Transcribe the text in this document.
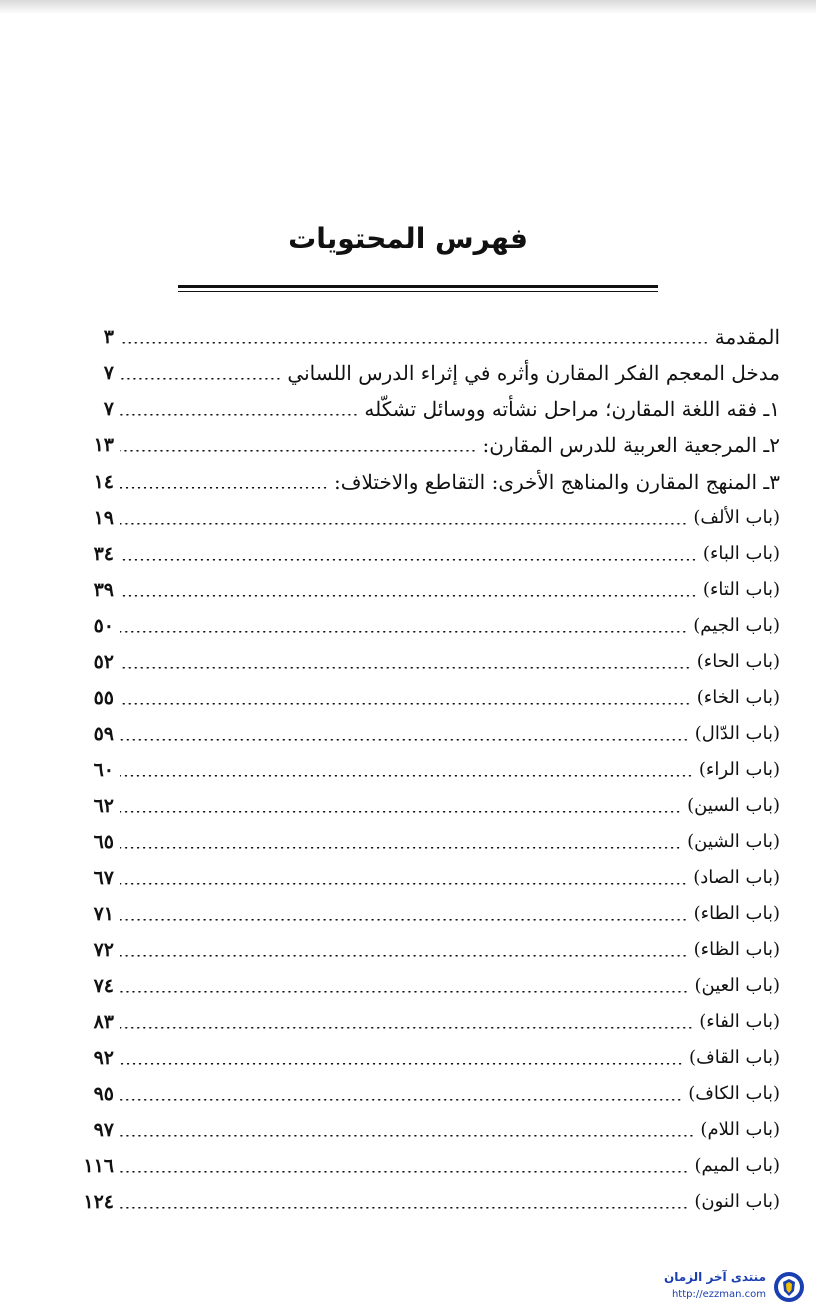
فهرس المحتويات
المقدمة
٣
مدخل المعجم الفكر المقارن وأثره في إثراء الدرس اللساني
٧
١ـ فقه اللغة المقارن؛ مراحل نشأته ووسائل تشكّله
٧
٢ـ المرجعية العربية للدرس المقارن:
١٣
٣ـ المنهج المقارن والمناهج الأخرى: التقاطع والاختلاف:
١٤
(باب الألف)
١٩
(باب الباء)
٣٤
(باب التاء)
٣٩
(باب الجيم)
٥٠
(باب الحاء)
٥٢
(باب الخاء)
٥٥
(باب الدّال)
٥٩
(باب الراء)
٦٠
(باب السين)
٦٢
(باب الشين)
٦٥
(باب الصاد)
٦٧
(باب الطاء)
٧١
(باب الظاء)
٧٢
(باب العين)
٧٤
(باب الفاء)
٨٣
(باب القاف)
٩٢
(باب الكاف)
٩٥
(باب اللام)
٩٧
(باب الميم)
١١٦
(باب النون)
١٢٤
منتدى آخر الزمان
http://ezzman.com
